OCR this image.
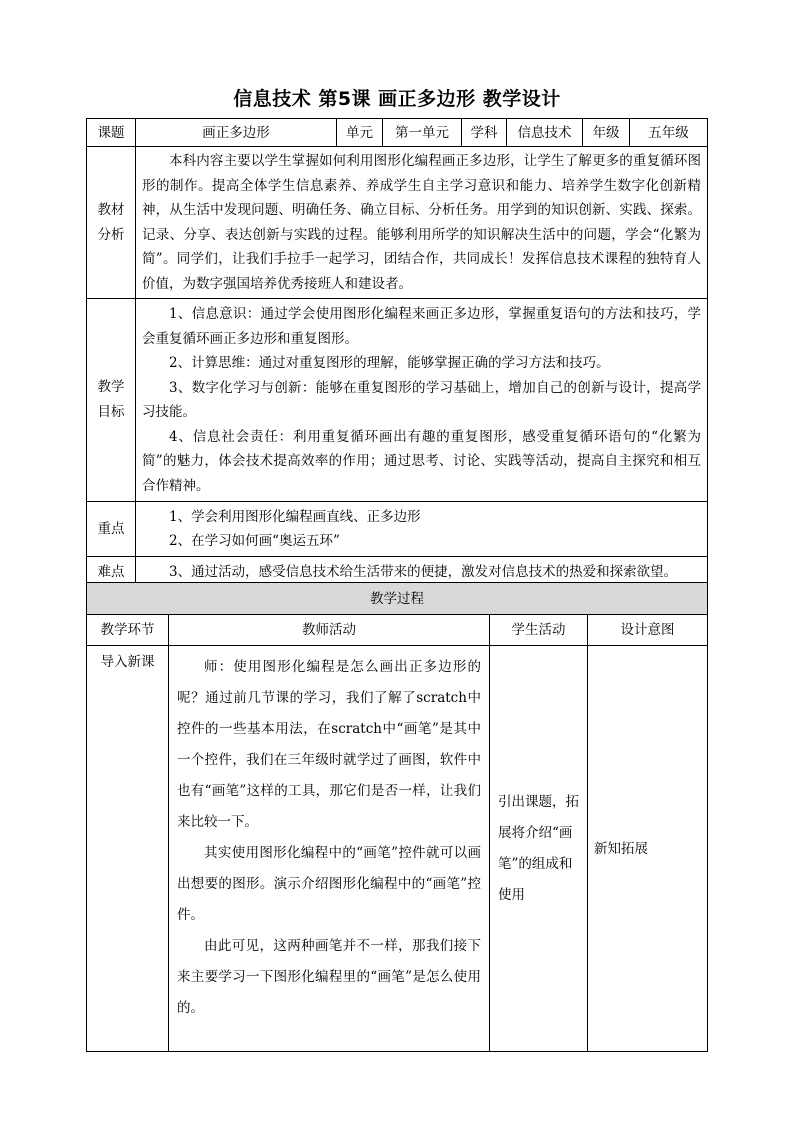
信息技术 第5课 画正多边形 教学设计
课题	画正多边形	单元	第一单元	学科	信息技术	年级	五年级
教材分析	本科内容主要以学生掌握如何利用图形化编程画正多边形，让学生了解更多的重复循环图形的制作。提高全体学生信息素养、养成学生自主学习意识和能力、培养学生数字化创新精神，从生活中发现问题、明确任务、确立目标、分析任务。用学到的知识创新、实践、探索。记录、分享、表达创新与实践的过程。能够利用所学的知识解决生活中的问题，学会“化繁为简”。同学们，让我们手拉手一起学习，团结合作，共同成长！发挥信息技术课程的独特育人价值，为数字强国培养优秀接班人和建设者。						

教学目标	1、信息意识：通过学会使用图形化编程来画正多边形，掌握重复语句的方法和技巧，学会重复循环画正多边形和重复图形。

2、计算思维：通过对重复图形的理解，能够掌握正确的学习方法和技巧。

3、数字化学习与创新：能够在重复图形的学习基础上，增加自己的创新与设计，提高学习技能。

4、信息社会责任：利用重复循环画出有趣的重复图形，感受重复循环语句的“化繁为简”的魅力，体会技术提高效率的作用；通过思考、讨论、实践等活动，提高自主探究和相互合作精神。						

重点	1、学会利用图形化编程画直线、正多边形

2、在学习如何画“奥运五环”						

难点	3、通过活动，感受信息技术给生活带来的便捷，激发对信息技术的热爱和探索欲望。						

教学过程			
教学环节	教师活动	学生活动	设计意图
导入新课	师：使用图形化编程是怎么画出正多边形的呢？通过前几节课的学习，我们了解了scratch中控件的一些基本用法，在scratch中“画笔”是其中一个控件，我们在三年级时就学过了画图，软件中也有“画笔”这样的工具，那它们是否一样，让我们来比较一下。

其实使用图形化编程中的“画笔”控件就可以画出想要的图形。演示介绍图形化编程中的“画笔”控件。

由此可见，这两种画笔并不一样，那我们接下来主要学习一下图形化编程里的“画笔”是怎么使用的。	引出课题，拓展将介绍“画笔”的组成和使用	新知拓展
